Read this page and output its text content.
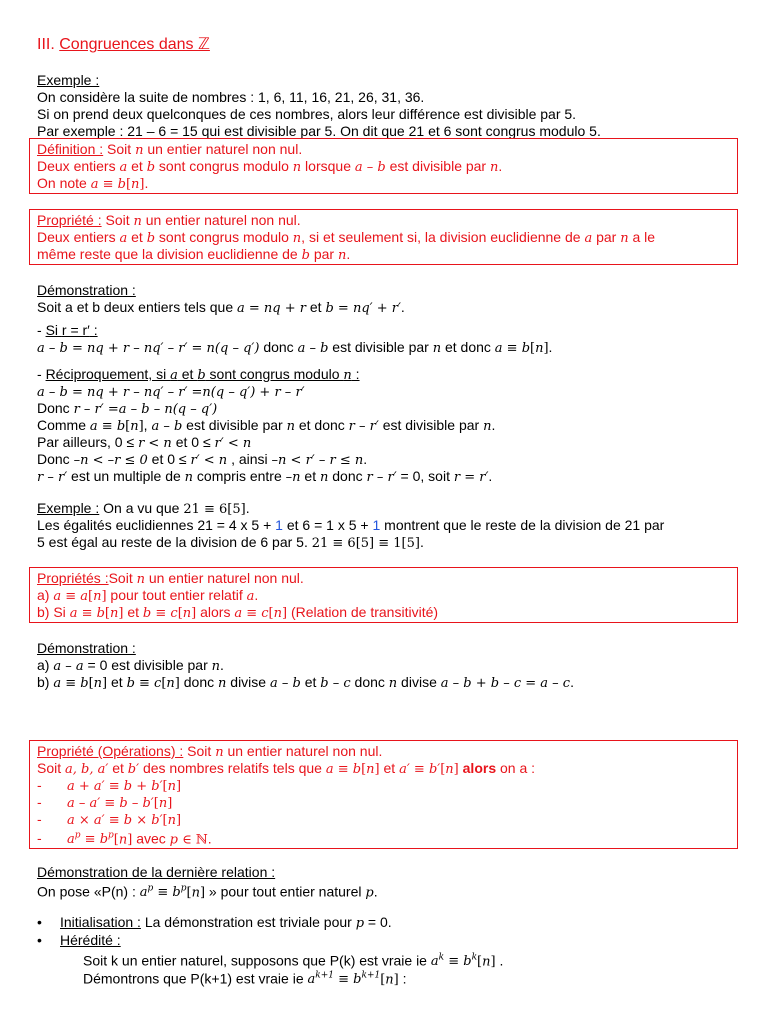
III. Congruences dans ℤ
Exemple :
On considère la suite de nombres : 1, 6, 11, 16, 21, 26, 31, 36.
Si on prend deux quelconques de ces nombres, alors leur différence est divisible par 5.
Par exemple : 21 – 6 = 15 qui est divisible par 5. On dit que 21 et 6 sont congrus modulo 5.
Définition : Soit n un entier naturel non nul.
Deux entiers a et b sont congrus modulo n lorsque a – b est divisible par n.
On note a ≡ b[n].
Propriété : Soit n un entier naturel non nul.
Deux entiers a et b sont congrus modulo n, si et seulement si, la division euclidienne de a par n a le
même reste que la division euclidienne de b par n.
Démonstration :
Soit a et b deux entiers tels que a = nq + r et b = nq′ + r′.
- Si r = r′ :
a – b = nq + r – nq′ – r′ = n(q – q′) donc a – b est divisible par n et donc a ≡ b[n].
- Réciproquement, si a et b sont congrus modulo n :
a – b = nq + r – nq′ – r′ =n(q – q′) + r – r′
Donc r – r′ =a – b – n(q – q′)
Comme a ≡ b[n], a – b est divisible par n et donc r – r′ est divisible par n.
Par ailleurs, 0 ≤ r < n et 0 ≤ r′ < n
Donc –n < –r ≤ 0 et 0 ≤ r′ < n , ainsi –n < r′ – r ≤ n.
r – r′ est un multiple de n compris entre –n et n donc r – r′ = 0, soit r = r′.
Exemple : On a vu que 21 ≡ 6[5].
Les égalités euclidiennes 21 = 4 x 5 + 1 et 6 = 1 x 5 + 1 montrent que le reste de la division de 21 par
5 est égal au reste de la division de 6 par 5. 21 ≡ 6[5] ≡ 1[5].
Propriétés :Soit n un entier naturel non nul.
a) a ≡ a[n] pour tout entier relatif a.
b) Si a ≡ b[n] et b ≡ c[n] alors a ≡ c[n] (Relation de transitivité)
Démonstration :
a) a – a = 0 est divisible par n.
b) a ≡ b[n] et b ≡ c[n] donc n divise a – b et b – c donc n divise a – b + b – c = a – c.
Propriété (Opérations) : Soit n un entier naturel non nul.
Soit a, b, a′ et b′ des nombres relatifs tels que a ≡ b[n] et a′ ≡ b′[n] alors on a :
- a + a′ ≡ b + b′[n]
- a – a′ ≡ b – b′[n]
- a × a′ ≡ b × b′[n]
- $a^p \equiv b^p[n]$ avec p ∈ ℕ.
Démonstration de la dernière relation :
On pose «P(n) : $a^p \equiv b^p[n]$ » pour tout entier naturel p.
• Initialisation : La démonstration est triviale pour p = 0.
• Hérédité :
Soit k un entier naturel, supposons que P(k) est vraie ie $a^k \equiv b^k[n]$ .
Démontrons que P(k+1) est vraie ie $a^{k+1} \equiv b^{k+1}[n]$ :
